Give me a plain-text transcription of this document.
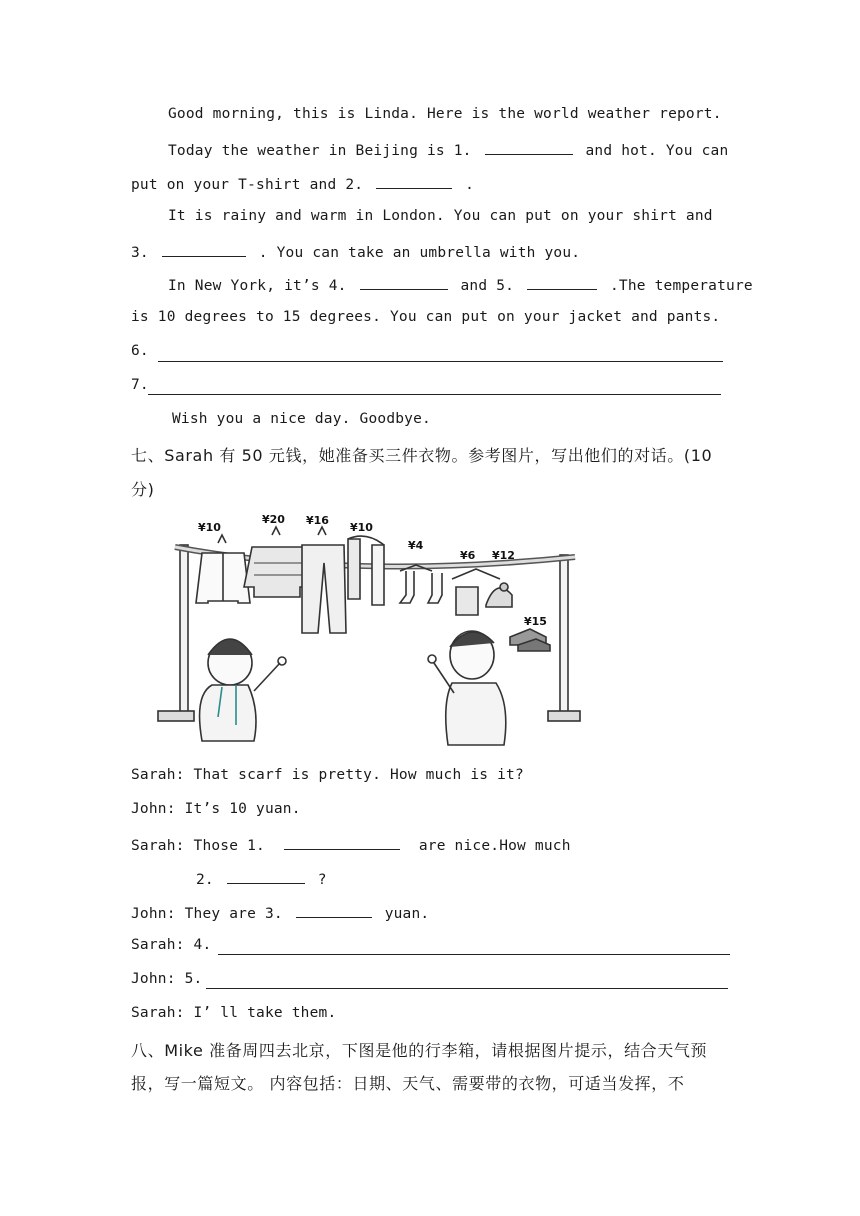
Good morning, this is Linda. Here is the world weather report.
Today the weather in Beijing is 1.	and hot. You can
put on your T-shirt and 2.	.
It is rainy and warm in London. You can put on your shirt and
3.	. You can take an umbrella with you.
In New York, it’s 4.	and 5.	.The temperature
is 10 degrees to 15 degrees. You can put on your jacket and pants.
6.
7.
Wish you a nice day. Goodbye.
七、Sarah 有 50 元钱，她准备买三件衣物。参考图片，写出他们的对话。(10
分)
¥10
¥20 ¥16
¥10
¥4
¥6 ¥12
¥15
Sarah: That scarf is pretty. How much is it?
John: It’s 10 yuan.
Sarah: Those 1.	are nice.How much
2.	?
John: They are 3.	yuan.
Sarah: 4.
John: 5.
Sarah: I’ ll take them.
八、Mike 准备周四去北京，下图是他的行李箱，请根据图片提示，结合天气预
报，写一篇短文。 内容包括：日期、天气、需要带的衣物，可适当发挥，不
